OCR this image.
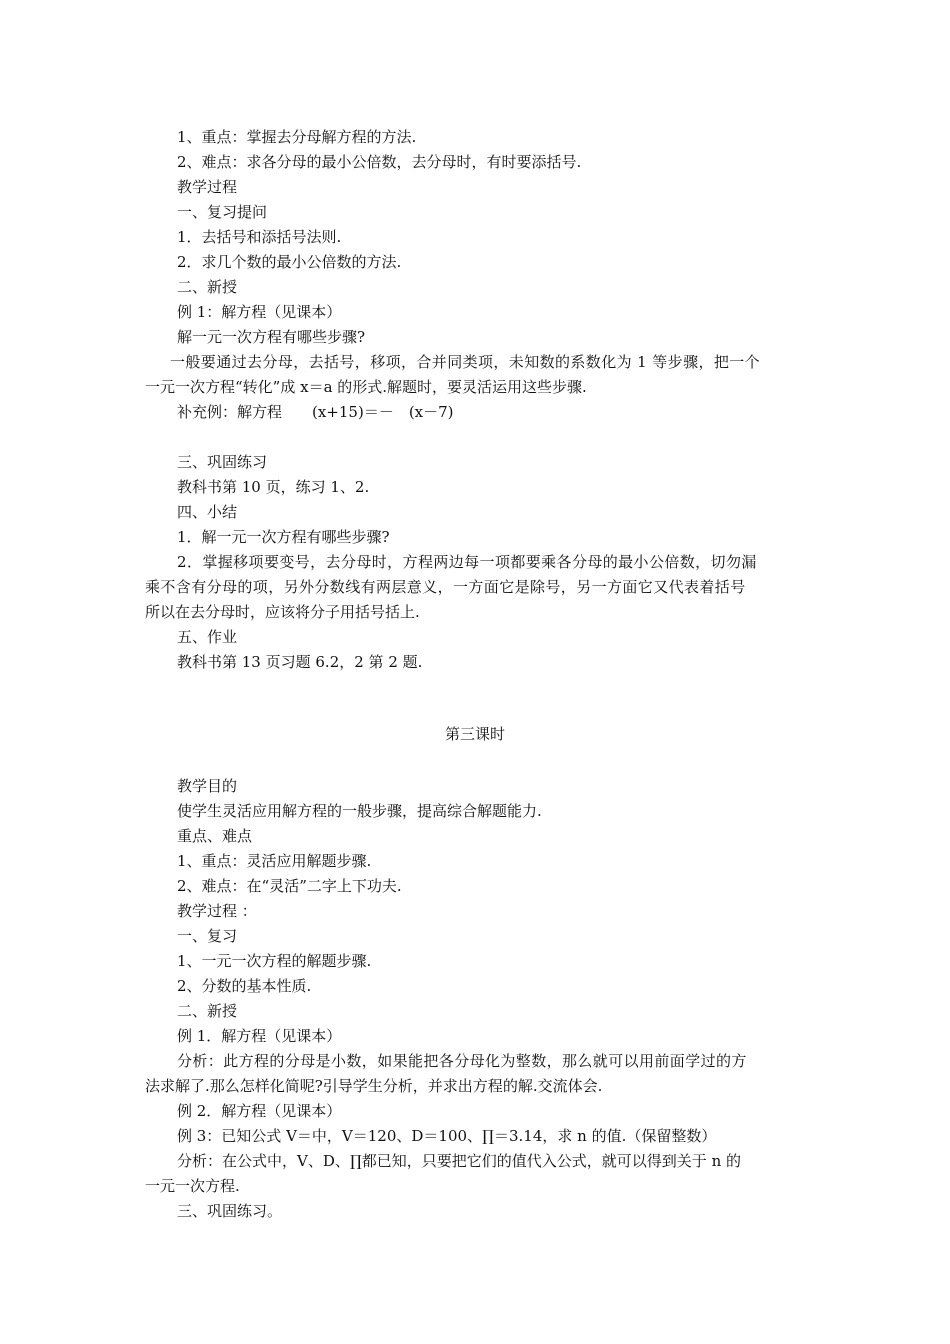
1、重点：掌握去分母解方程的方法.
2、难点：求各分母的最小公倍数，去分母时，有时要添括号.
教学过程
一、复习提问
1．去括号和添括号法则.
2．求几个数的最小公倍数的方法.
二、新授
例 1：解方程（见课本）
解一元一次方程有哪些步骤?
一般要通过去分母，去括号，移项，合并同类项，未知数的系数化为 1 等步骤，把一个
一元一次方程“转化”成 x＝a 的形式.解题时，要灵活运用这些步骤.
补充例：解方程　　(x+15)＝－　(x－7)
三、巩固练习
教科书第 10 页，练习 1、2.
四、小结
1．解一元一次方程有哪些步骤?
2．掌握移项要变号，去分母时，方程两边每一项都要乘各分母的最小公倍数，切勿漏
乘不含有分母的项，另外分数线有两层意义，一方面它是除号，另一方面它又代表着括号
所以在去分母时，应该将分子用括号括上.
五、作业
教科书第 13 页习题 6.2，2 第 2 题.
第三课时
教学目的
使学生灵活应用解方程的一般步骤，提高综合解题能力.
重点、难点
1、重点：灵活应用解题步骤.
2、难点：在“灵活”二字上下功夫.
教学过程 ：
一、复习
1、一元一次方程的解题步骤.
2、分数的基本性质.
二、新授
例 1．解方程（见课本）
分析：此方程的分母是小数，如果能把各分母化为整数，那么就可以用前面学过的方
法求解了.那么怎样化简呢?引导学生分析，并求出方程的解.交流体会.
例 2．解方程（见课本）
例 3：已知公式 V＝中，V＝120、D＝100、∏＝3.14，求 n 的值.（保留整数）
分析：在公式中，V、D、∏都已知，只要把它们的值代入公式，就可以得到关于 n 的
一元一次方程.
三、巩固练习。
